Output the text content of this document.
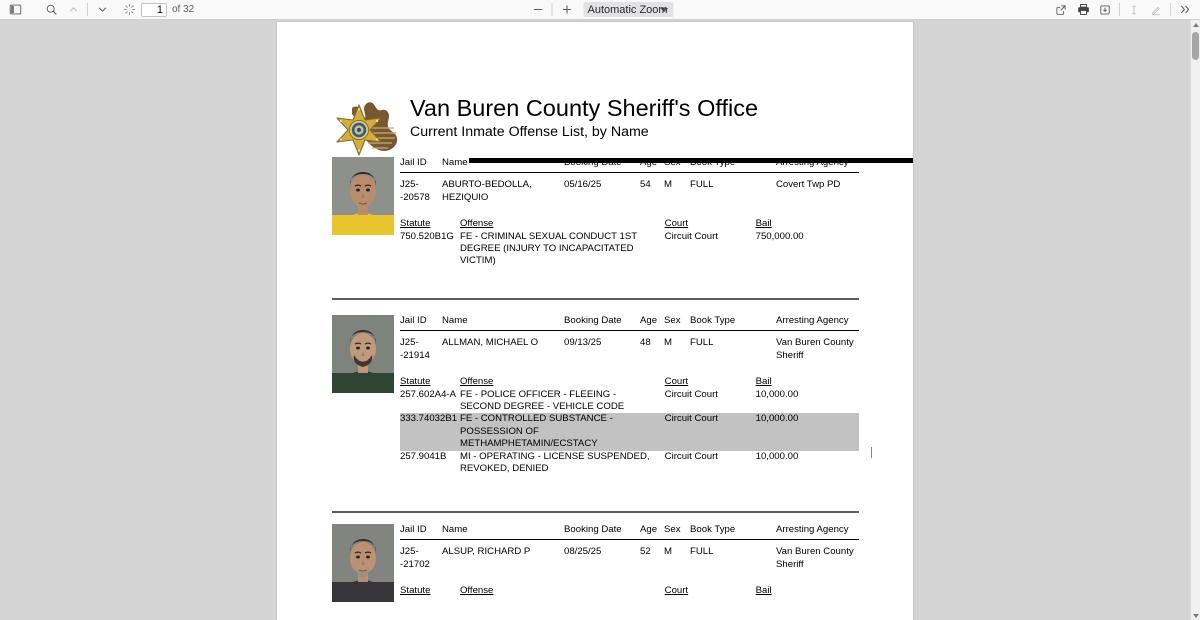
1
of 32
Automatic Zoom
Van Buren County Sheriff's Office
Current Inmate Offense List, by Name
Jail ID	Name	Booking Date	Age	Sex	Book Type	Arresting Agency
J25-
-20578	ABURTO-BEDOLLA, HEZIQUIO	05/16/25	54	M	FULL	Covert Twp PD
Statute	Offense	Court	Bail
750.520B1G	FE - CRIMINAL SEXUAL CONDUCT 1ST DEGREE (INJURY TO INCAPACITATED VICTIM)	Circuit Court	750,000.00
Jail ID	Name	Booking Date	Age	Sex	Book Type	Arresting Agency
J25-
-21914	ALLMAN, MICHAEL O	09/13/25	48	M	FULL	Van Buren County Sheriff
Statute	Offense	Court	Bail
257.602A4-A	FE - POLICE OFFICER - FLEEING - SECOND DEGREE - VEHICLE CODE	Circuit Court	10,000.00
333.74032B1	FE - CONTROLLED SUBSTANCE - POSSESSION OF METHAMPHETAMIN/ECSTACY	Circuit Court	10,000.00
257.9041B	MI - OPERATING - LICENSE SUSPENDED, REVOKED, DENIED	Circuit Court	10,000.00
Jail ID	Name	Booking Date	Age	Sex	Book Type	Arresting Agency
J25-
-21702	ALSUP, RICHARD P	08/25/25	52	M	FULL	Van Buren County Sheriff
Statute	Offense	Court	Bail
